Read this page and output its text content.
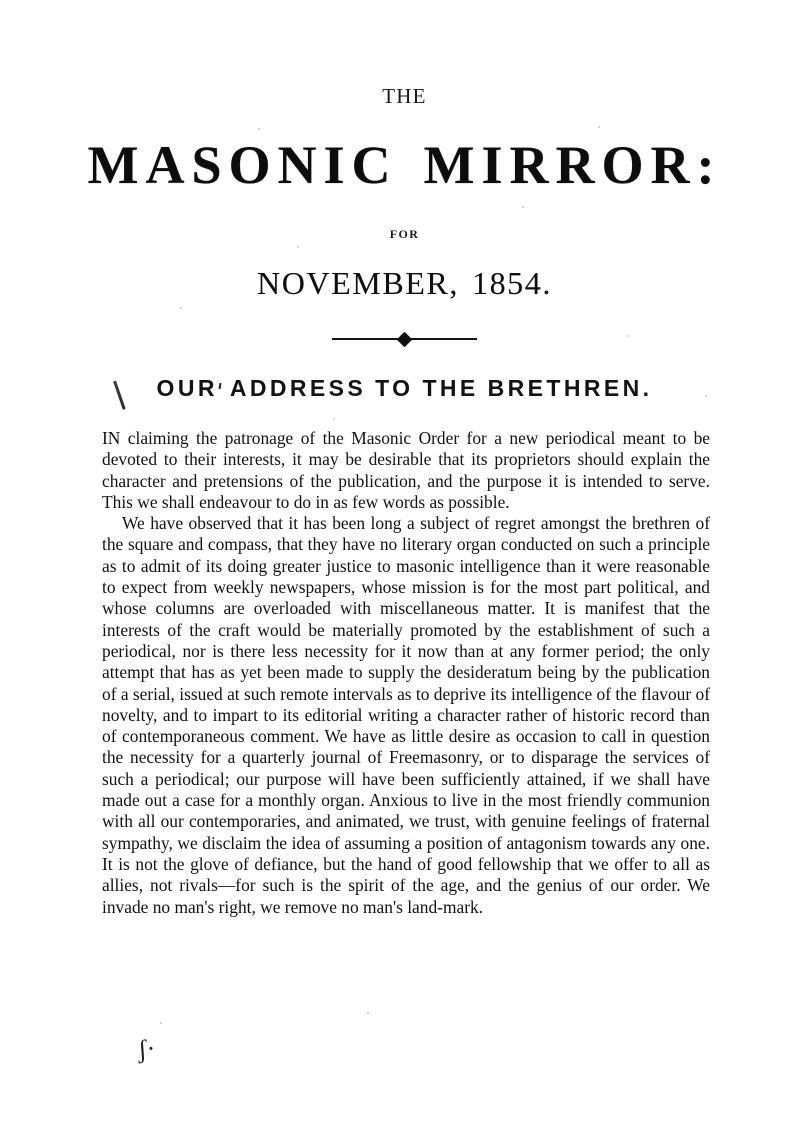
THE
MASONIC MIRROR:
FOR
NOVEMBER, 1854.
OUR ADDRESS TO THE BRETHREN.

IN claiming the patronage of the Masonic Order for a new periodical meant to be devoted to their interests, it may be desirable that its proprietors should explain the character and pretensions of the publication, and the purpose it is intended to serve. This we shall endeavour to do in as few words as possible.

We have observed that it has been long a subject of regret amongst the brethren of the square and compass, that they have no literary organ conducted on such a principle as to admit of its doing greater justice to masonic intelligence than it were reasonable to expect from weekly newspapers, whose mission is for the most part political, and whose columns are overloaded with miscellaneous matter. It is manifest that the interests of the craft would be materially promoted by the establishment of such a periodical, nor is there less necessity for it now than at any former period; the only attempt that has as yet been made to supply the desideratum being by the publication of a serial, issued at such remote intervals as to deprive its intelligence of the flavour of novelty, and to impart to its editorial writing a character rather of historic record than of contemporaneous comment. We have as little desire as occasion to call in question the necessity for a quarterly journal of Freemasonry, or to disparage the services of such a periodical; our purpose will have been sufficiently attained, if we shall have made out a case for a monthly organ. Anxious to live in the most friendly communion with all our contemporaries, and animated, we trust, with genuine feelings of fraternal sympathy, we disclaim the idea of assuming a position of antagonism towards any one. It is not the glove of defiance, but the hand of good fellowship that we offer to all as allies, not rivals—for such is the spirit of the age, and the genius of our order. We invade no man's right, we remove no man's land-mark.

ʃ·
